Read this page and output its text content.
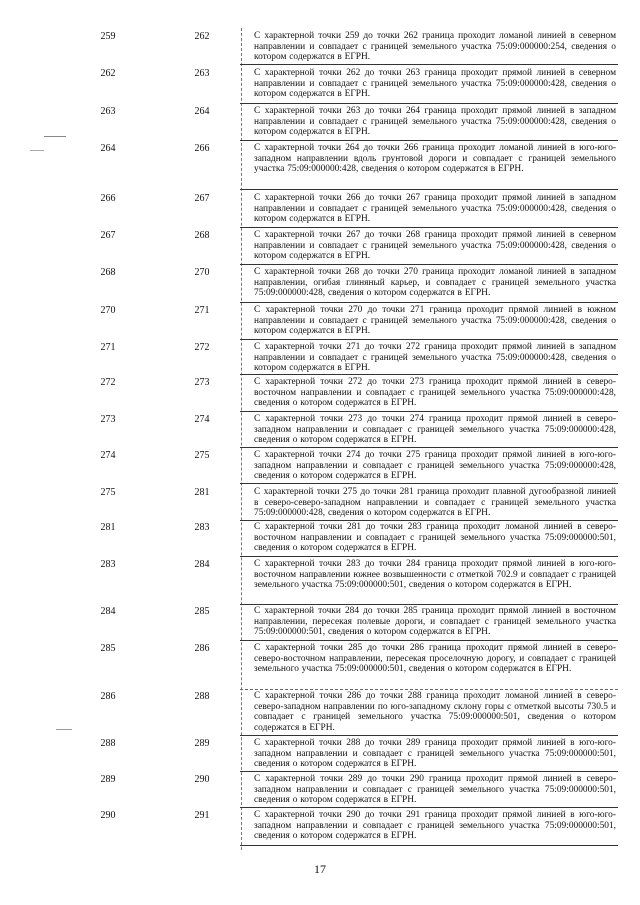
259	262	С характерной точки 259 до точки 262 граница проходит ломаной линией в северном направлении и совпадает с границей земельного участка 75:09:000000:254, сведения о котором содержатся в ЕГРН.
262	263	С характерной точки 262 до точки 263 граница проходит прямой линией в северном направлении и совпадает с границей земельного участка 75:09:000000:428, сведения о котором содержатся в ЕГРН.
263	264	С характерной точки 263 до точки 264 граница проходит прямой линией в западном направлении и совпадает с границей земельного участка 75:09:000000:428, сведения о котором содержатся в ЕГРН.
264	266	С характерной точки 264 до точки 266 граница проходит ломаной линией в юго-юго-западном направлении вдоль грунтовой дороги и совпадает с границей земельного участка 75:09:000000:428, сведения о котором содержатся в ЕГРН.
266	267	С характерной точки 266 до точки 267 граница проходит прямой линией в западном направлении и совпадает с границей земельного участка 75:09:000000:428, сведения о котором содержатся в ЕГРН.
267	268	С характерной точки 267 до точки 268 граница проходит прямой линией в северном направлении и совпадает с границей земельного участка 75:09:000000:428, сведения о котором содержатся в ЕГРН.
268	270	С характерной точки 268 до точки 270 граница проходит ломаной линией в западном направлении, огибая глиняный карьер, и совпадает с границей земельного участка 75:09:000000:428, сведения о котором содержатся в ЕГРН.
270	271	С характерной точки 270 до точки 271 граница проходит прямой линией в южном направлении и совпадает с границей земельного участка 75:09:000000:428, сведения о котором содержатся в ЕГРН.
271	272	С характерной точки 271 до точки 272 граница проходит прямой линией в западном направлении и совпадает с границей земельного участка 75:09:000000:428, сведения о котором содержатся в ЕГРН.
272	273	С характерной точки 272 до точки 273 граница проходит прямой линией в северо-восточном направлении и совпадает с границей земельного участка 75:09:000000:428, сведения о котором содержатся в ЕГРН.
273	274	С характерной точки 273 до точки 274 граница проходит прямой линией в северо-западном направлении и совпадает с границей земельного участка 75:09:000000:428, сведения о котором содержатся в ЕГРН.
274	275	С характерной точки 274 до точки 275 граница проходит прямой линией в юго-юго-западном направлении и совпадает с границей земельного участка 75:09:000000:428, сведения о котором содержатся в ЕГРН.
275	281	С характерной точки 275 до точки 281 граница проходит плавной дугообразной линией в северо-северо-западном направлении и совпадает с границей земельного участка 75:09:000000:428, сведения о котором содержатся в ЕГРН.
281	283	С характерной точки 281 до точки 283 граница проходит ломаной линией в северо-восточном направлении и совпадает с границей земельного участка 75:09:000000:501, сведения о котором содержатся в ЕГРН.
283	284	С характерной точки 283 до точки 284 граница проходит прямой линией в юго-юго-восточном направлении южнее возвышенности с отметкой 702.9 и совпадает с границей земельного участка 75:09:000000:501, сведения о котором содержатся в ЕГРН.
284	285	С характерной точки 284 до точки 285 граница проходит прямой линией в восточном направлении, пересекая полевые дороги, и совпадает с границей земельного участка 75:09:000000:501, сведения о котором содержатся в ЕГРН.
285	286	С характерной точки 285 до точки 286 граница проходит прямой линией в северо-северо-восточном направлении, пересекая проселочную дорогу, и совпадает с границей земельного участка 75:09:000000:501, сведения о котором содержатся в ЕГРН.
286	288	С характерной точки 286 до точки 288 граница проходит ломаной линией в северо-северо-западном направлении по юго-западному склону горы с отметкой высоты 730.5 и совпадает с границей земельного участка 75:09:000000:501, сведения о котором содержатся в ЕГРН.
288	289	С характерной точки 288 до точки 289 граница проходит прямой линией в юго-юго-западном направлении и совпадает с границей земельного участка 75:09:000000:501, сведения о котором содержатся в ЕГРН.
289	290	С характерной точки 289 до точки 290 граница проходит прямой линией в северо-западном направлении и совпадает с границей земельного участка 75:09:000000:501, сведения о котором содержатся в ЕГРН.
290	291	С характерной точки 290 до точки 291 граница проходит прямой линией в юго-юго-западном направлении и совпадает с границей земельного участка 75:09:000000:501, сведения о котором содержатся в ЕГРН.
17
